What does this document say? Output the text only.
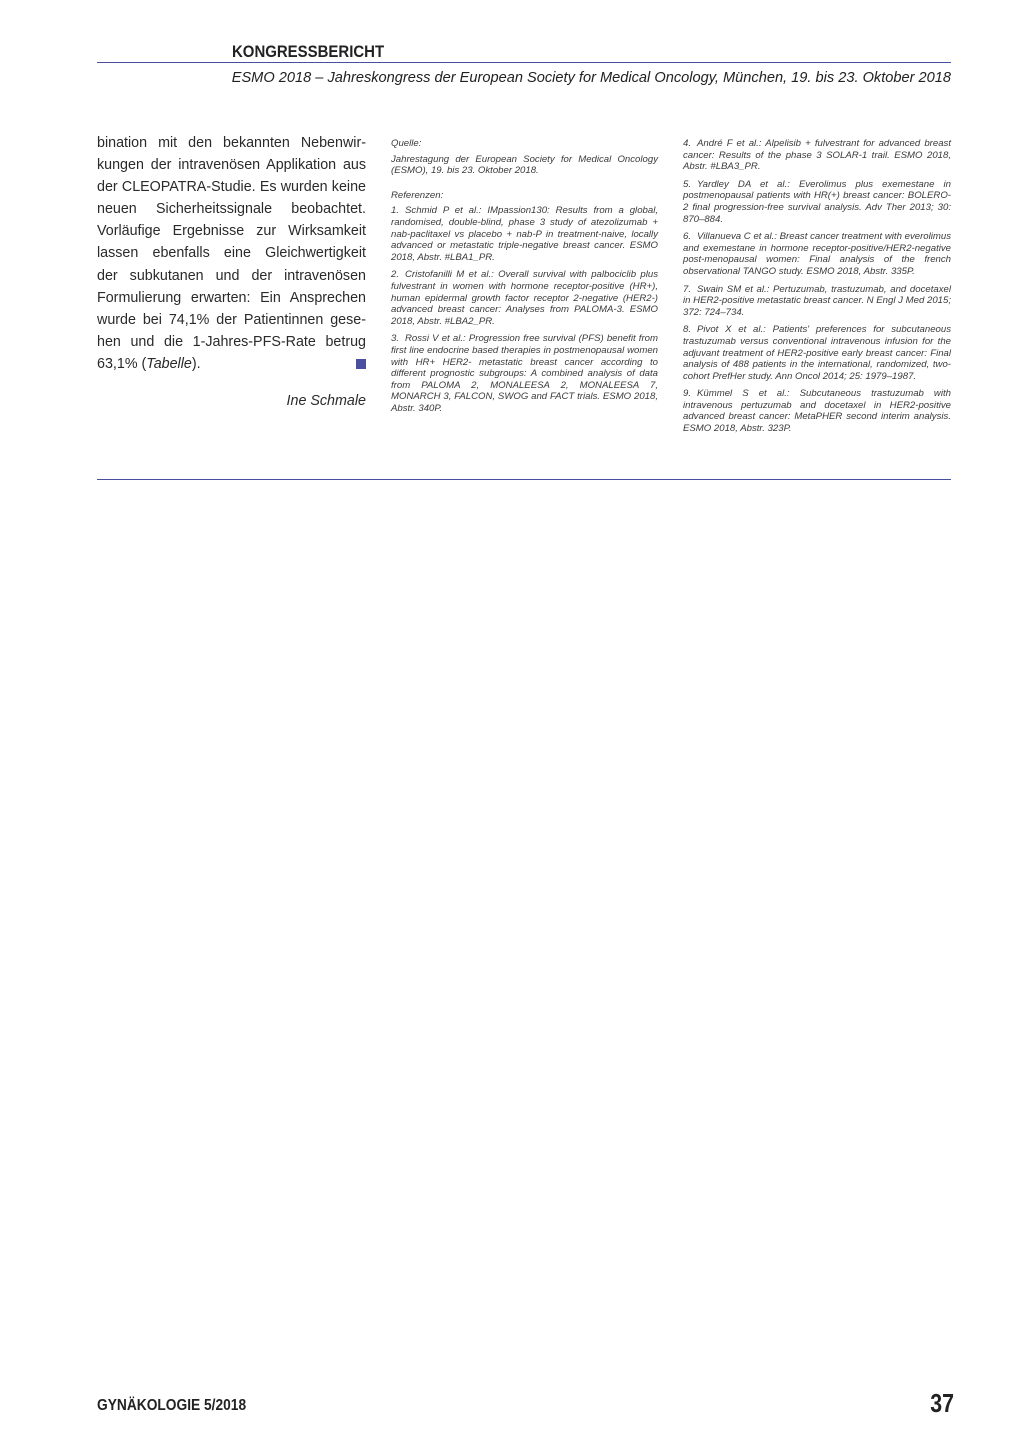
KONGRESSBERICHT
ESMO 2018 – Jahreskongress der European Society for Medical Oncology, München, 19. bis 23. Oktober 2018
bination mit den bekannten Nebenwir-
kungen der intravenösen Applikation aus
der CLEOPATRA-Studie. Es wurden keine
neuen Sicherheitssignale beobachtet.
Vorläufige Ergebnisse zur Wirksamkeit
lassen ebenfalls eine Gleichwertigkeit
der subkutanen und der intravenösen
Formulierung erwarten: Ein Ansprechen
wurde bei 74,1% der Patientinnen gese-
hen und die 1-Jahres-PFS-Rate betrug
63,1% (Tabelle).
Ine Schmale
Quelle:
Jahrestagung der European Society for Medical Oncology (ESMO), 19. bis 23. Oktober 2018.
Referenzen:
1. Schmid P et al.: IMpassion130: Results from a global, randomised, double-blind, phase 3 study of atezolizumab + nab-paclitaxel vs placebo + nab-P in treatment-naive, locally advanced or metastatic triple-negative breast cancer. ESMO 2018, Abstr. #LBA1_PR.
2. Cristofanilli M et al.: Overall survival with palbociclib plus fulvestrant in women with hormone receptor-positive (HR+), human epidermal growth factor receptor 2-negative (HER2-) advanced breast cancer: Analyses from PALOMA-3. ESMO 2018, Abstr. #LBA2_PR.
3. Rossi V et al.: Progression free survival (PFS) benefit from first line endocrine based therapies in postmenopausal women with HR+ HER2- metastatic breast cancer according to different prognostic subgroups: A combined analysis of data from PALOMA 2, MONALEESA 2, MONALEESA 7, MONARCH 3, FALCON, SWOG and FACT trials. ESMO 2018, Abstr. 340P.
4. André F et al.: Alpelisib + fulvestrant for advanced breast cancer: Results of the phase 3 SOLAR-1 trail. ESMO 2018, Abstr. #LBA3_PR.
5. Yardley DA et al.: Everolimus plus exemestane in postmenopausal patients with HR(+) breast cancer: BOLERO-2 final progression-free survival analysis. Adv Ther 2013; 30: 870–884.
6. Villanueva C et al.: Breast cancer treatment with everolimus and exemestane in hormone receptor-positive/HER2-negative post-menopausal women: Final analysis of the french observational TANGO study. ESMO 2018, Abstr. 335P.
7. Swain SM et al.: Pertuzumab, trastuzumab, and docetaxel in HER2-positive metastatic breast cancer. N Engl J Med 2015; 372: 724–734.
8. Pivot X et al.: Patients' preferences for subcutaneous trastuzumab versus conventional intravenous infusion for the adjuvant treatment of HER2-positive early breast cancer: Final analysis of 488 patients in the international, randomized, two-cohort PrefHer study. Ann Oncol 2014; 25: 1979–1987.
9. Kümmel S et al.: Subcutaneous trastuzumab with intravenous pertuzumab and docetaxel in HER2-positive advanced breast cancer: MetaPHER second interim analysis. ESMO 2018, Abstr. 323P.
GYNÄKOLOGIE 5/2018	37
